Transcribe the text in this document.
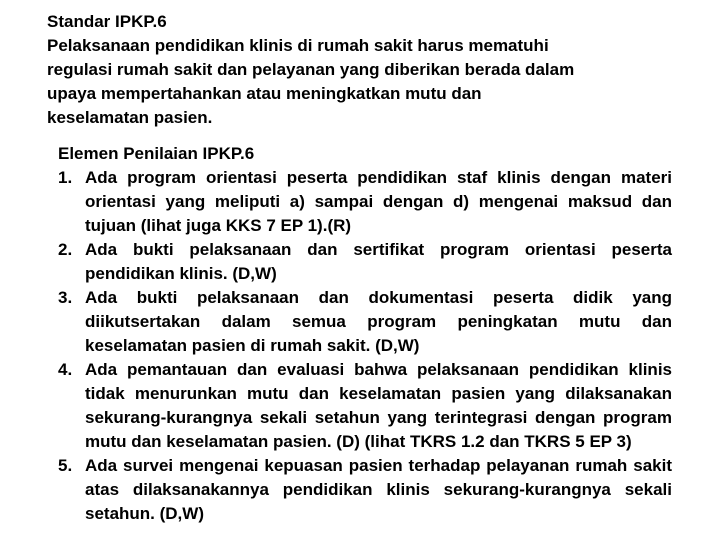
Standar IPKP.6
Pelaksanaan pendidikan klinis di rumah sakit harus mematuhi
regulasi rumah sakit dan pelayanan yang diberikan berada dalam
upaya mempertahankan atau meningkatkan mutu dan
keselamatan pasien.
Elemen Penilaian IPKP.6
1. Ada program orientasi peserta pendidikan staf klinis dengan materi orientasi yang meliputi a) sampai dengan d) mengenai maksud dan tujuan (lihat juga KKS 7 EP 1).(R)
2. Ada bukti pelaksanaan dan sertifikat program orientasi peserta pendidikan klinis. (D,W)
3. Ada bukti pelaksanaan dan dokumentasi peserta didik yang diikutsertakan dalam semua program peningkatan mutu dan keselamatan pasien di rumah sakit. (D,W)
4. Ada pemantauan dan evaluasi bahwa pelaksanaan pendidikan klinis tidak menurunkan mutu dan keselamatan pasien yang dilaksanakan sekurang-kurangnya sekali setahun yang terintegrasi dengan program mutu dan keselamatan pasien. (D) (lihat TKRS 1.2 dan TKRS 5 EP 3)
5. Ada survei mengenai kepuasan pasien terhadap pelayanan rumah sakit atas dilaksanakannya pendidikan klinis sekurang-kurangnya sekali setahun. (D,W)
